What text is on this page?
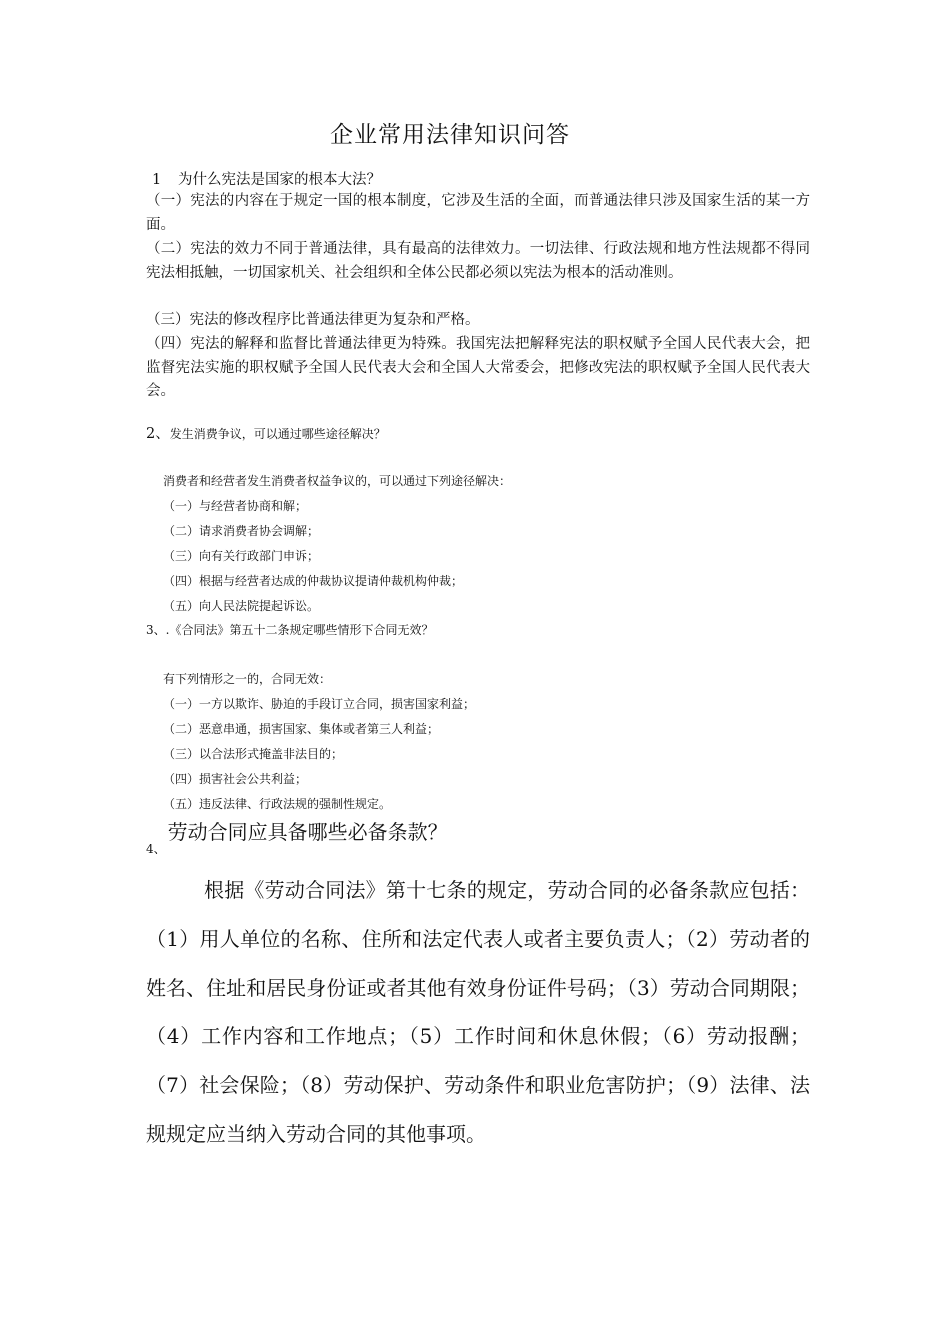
企业常用法律知识问答
1 为什么宪法是国家的根本大法？
（一）宪法的内容在于规定一国的根本制度，它涉及生活的全面，而普通法律只涉及国家生活的某一方面。
（二）宪法的效力不同于普通法律，具有最高的法律效力。一切法律、行政法规和地方性法规都不得同宪法相抵触，一切国家机关、社会组织和全体公民都必须以宪法为根本的活动准则。
（三）宪法的修改程序比普通法律更为复杂和严格。
（四）宪法的解释和监督比普通法律更为特殊。我国宪法把解释宪法的职权赋予全国人民代表大会，把监督宪法实施的职权赋予全国人民代表大会和全国人大常委会，把修改宪法的职权赋予全国人民代表大会。
2、发生消费争议，可以通过哪些途径解决？
消费者和经营者发生消费者权益争议的，可以通过下列途径解决：
（一）与经营者协商和解；
（二）请求消费者协会调解；
（三）向有关行政部门申诉；
（四）根据与经营者达成的仲裁协议提请仲裁机构仲裁；
（五）向人民法院提起诉讼。
3、.《合同法》第五十二条规定哪些情形下合同无效？
有下列情形之一的，合同无效：
（一）一方以欺诈、胁迫的手段订立合同，损害国家利益；
（二）恶意串通，损害国家、集体或者第三人利益；
（三）以合法形式掩盖非法目的；
（四）损害社会公共利益；
（五）违反法律、行政法规的强制性规定。
$_{4、}$劳动合同应具备哪些必备条款？
根据《劳动合同法》第十七条的规定，劳动合同的必备条款应包括：（1）用人单位的名称、住所和法定代表人或者主要负责人；（2）劳动者的姓名、住址和居民身份证或者其他有效身份证件号码；（3）劳动合同期限；（4）工作内容和工作地点；（5）工作时间和休息休假；（6）劳动报酬；（7）社会保险；（8）劳动保护、劳动条件和职业危害防护；（9）法律、法规规定应当纳入劳动合同的其他事项。
